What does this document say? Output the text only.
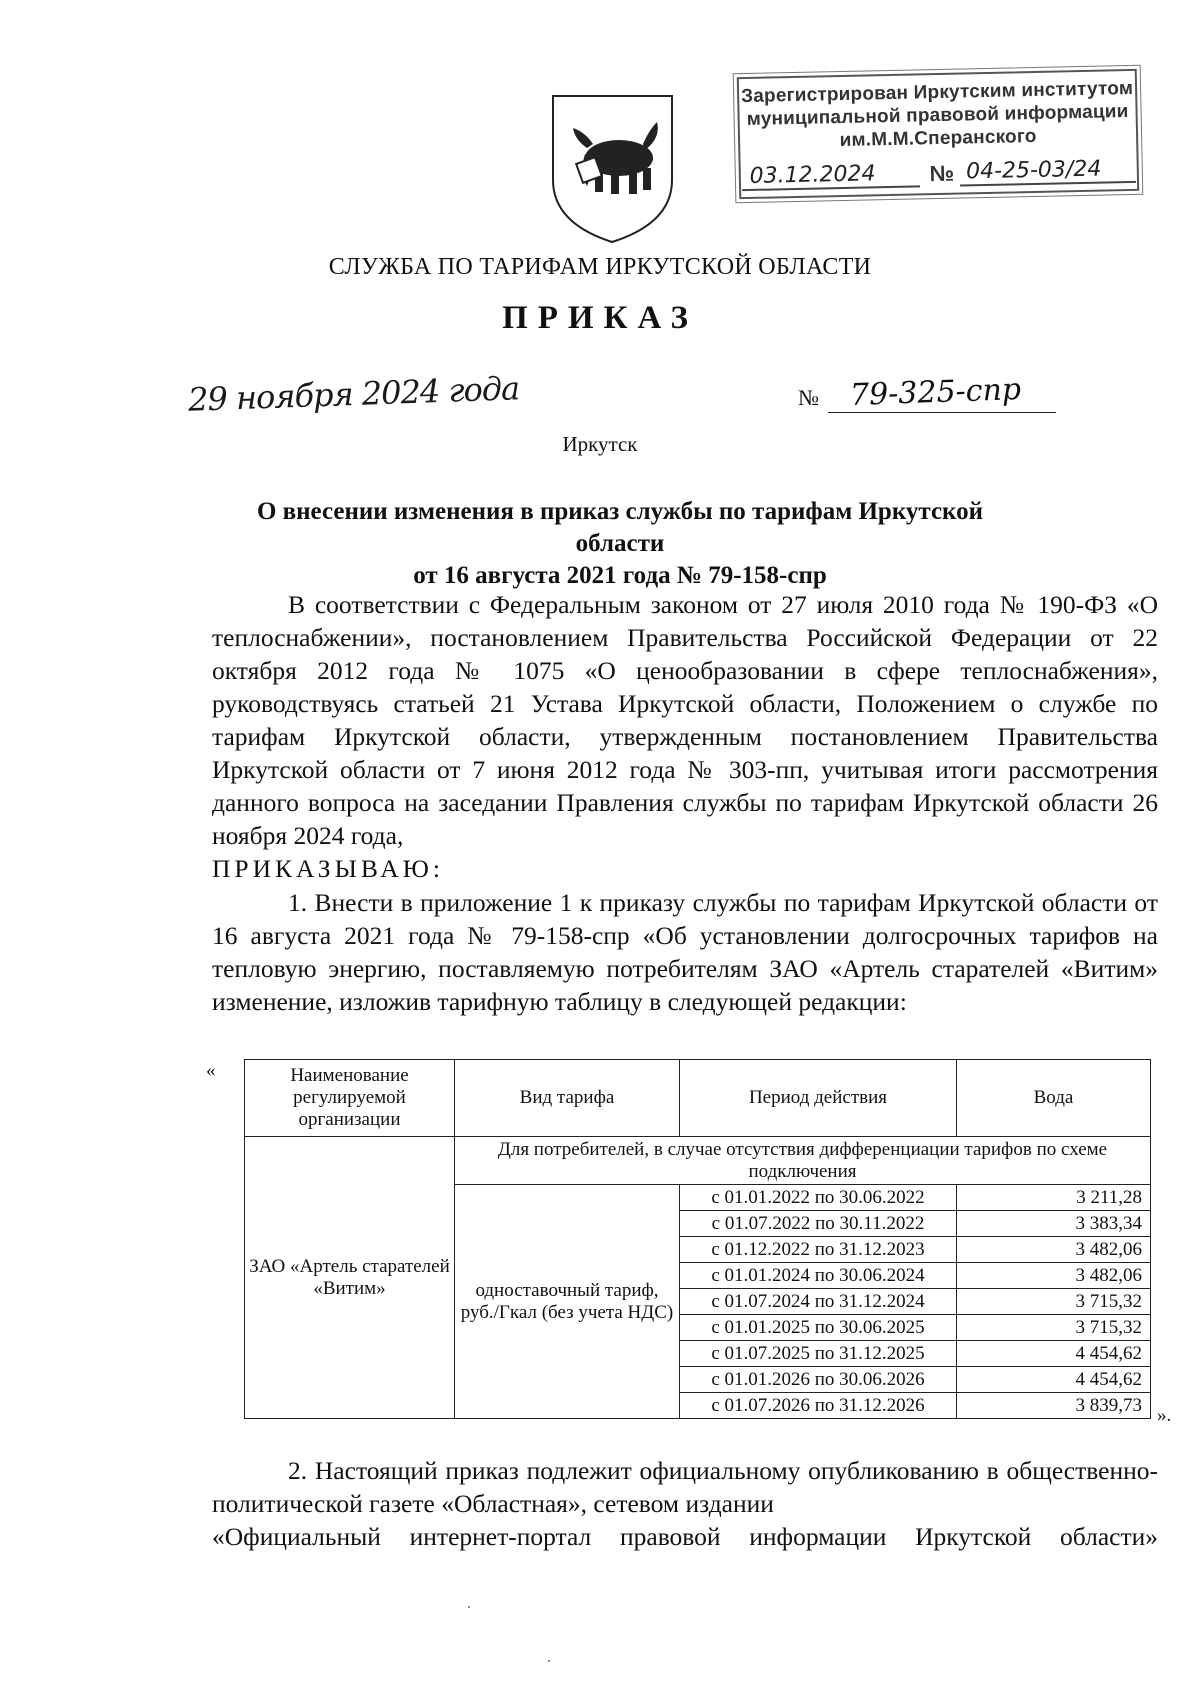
Зарегистрирован Иркутским институтом
муниципальной правовой информации
им.М.М.Сперанского
03.12.2024	№ 04-25-03/24
СЛУЖБА ПО ТАРИФАМ ИРКУТСКОЙ ОБЛАСТИ
ПРИКАЗ
29 ноября 2024 года	№ 79-325-спр
Иркутск
О внесении изменения в приказ службы по тарифам Иркутской области
от 16 августа 2021 года № 79-158-спр

В соответствии с Федеральным законом от 27 июля 2010 года № 190-ФЗ «О теплоснабжении», постановлением Правительства Российской Федерации от 22 октября 2012 года № 1075 «О ценообразовании в сфере теплоснабжения», руководствуясь статьей 21 Устава Иркутской области, Положением о службе по тарифам Иркутской области, утвержденным постановлением Правительства Иркутской области от 7 июня 2012 года № 303-пп, учитывая итоги рассмотрения данного вопроса на заседании Правления службы по тарифам Иркутской области 26 ноября 2024 года,

ПРИКАЗЫВАЮ:

1. Внести в приложение 1 к приказу службы по тарифам Иркутской области от 16 августа 2021 года № 79-158-спр «Об установлении долгосрочных тарифов на тепловую энергию, поставляемую потребителям ЗАО «Артель старателей «Витим» изменение, изложив тарифную таблицу в следующей редакции:

«	Наименование регулируемой организации	Вид тарифа	Период действия	Вода
ЗАО «Артель старателей «Витим»	Для потребителей, в случае отсутствия дифференциации тарифов по схеме подключения		
	одноставочный тариф, руб./Гкал (без учета НДС)	с 01.01.2022 по 30.06.2022	3 211,28
		с 01.07.2022 по 30.11.2022	3 383,34
		с 01.12.2022 по 31.12.2023	3 482,06
		с 01.01.2024 по 30.06.2024	3 482,06
		с 01.07.2024 по 31.12.2024	3 715,32
		с 01.01.2025 по 30.06.2025	3 715,32
		с 01.07.2025 по 31.12.2025	4 454,62
		с 01.01.2026 по 30.06.2026	4 454,62
		с 01.07.2026 по 31.12.2026	3 839,73 ».

2. Настоящий приказ подлежит официальному опубликованию в общественно-политической газете «Областная», сетевом издании

«Официальный интернет-портал правовой информации Иркутской области»
